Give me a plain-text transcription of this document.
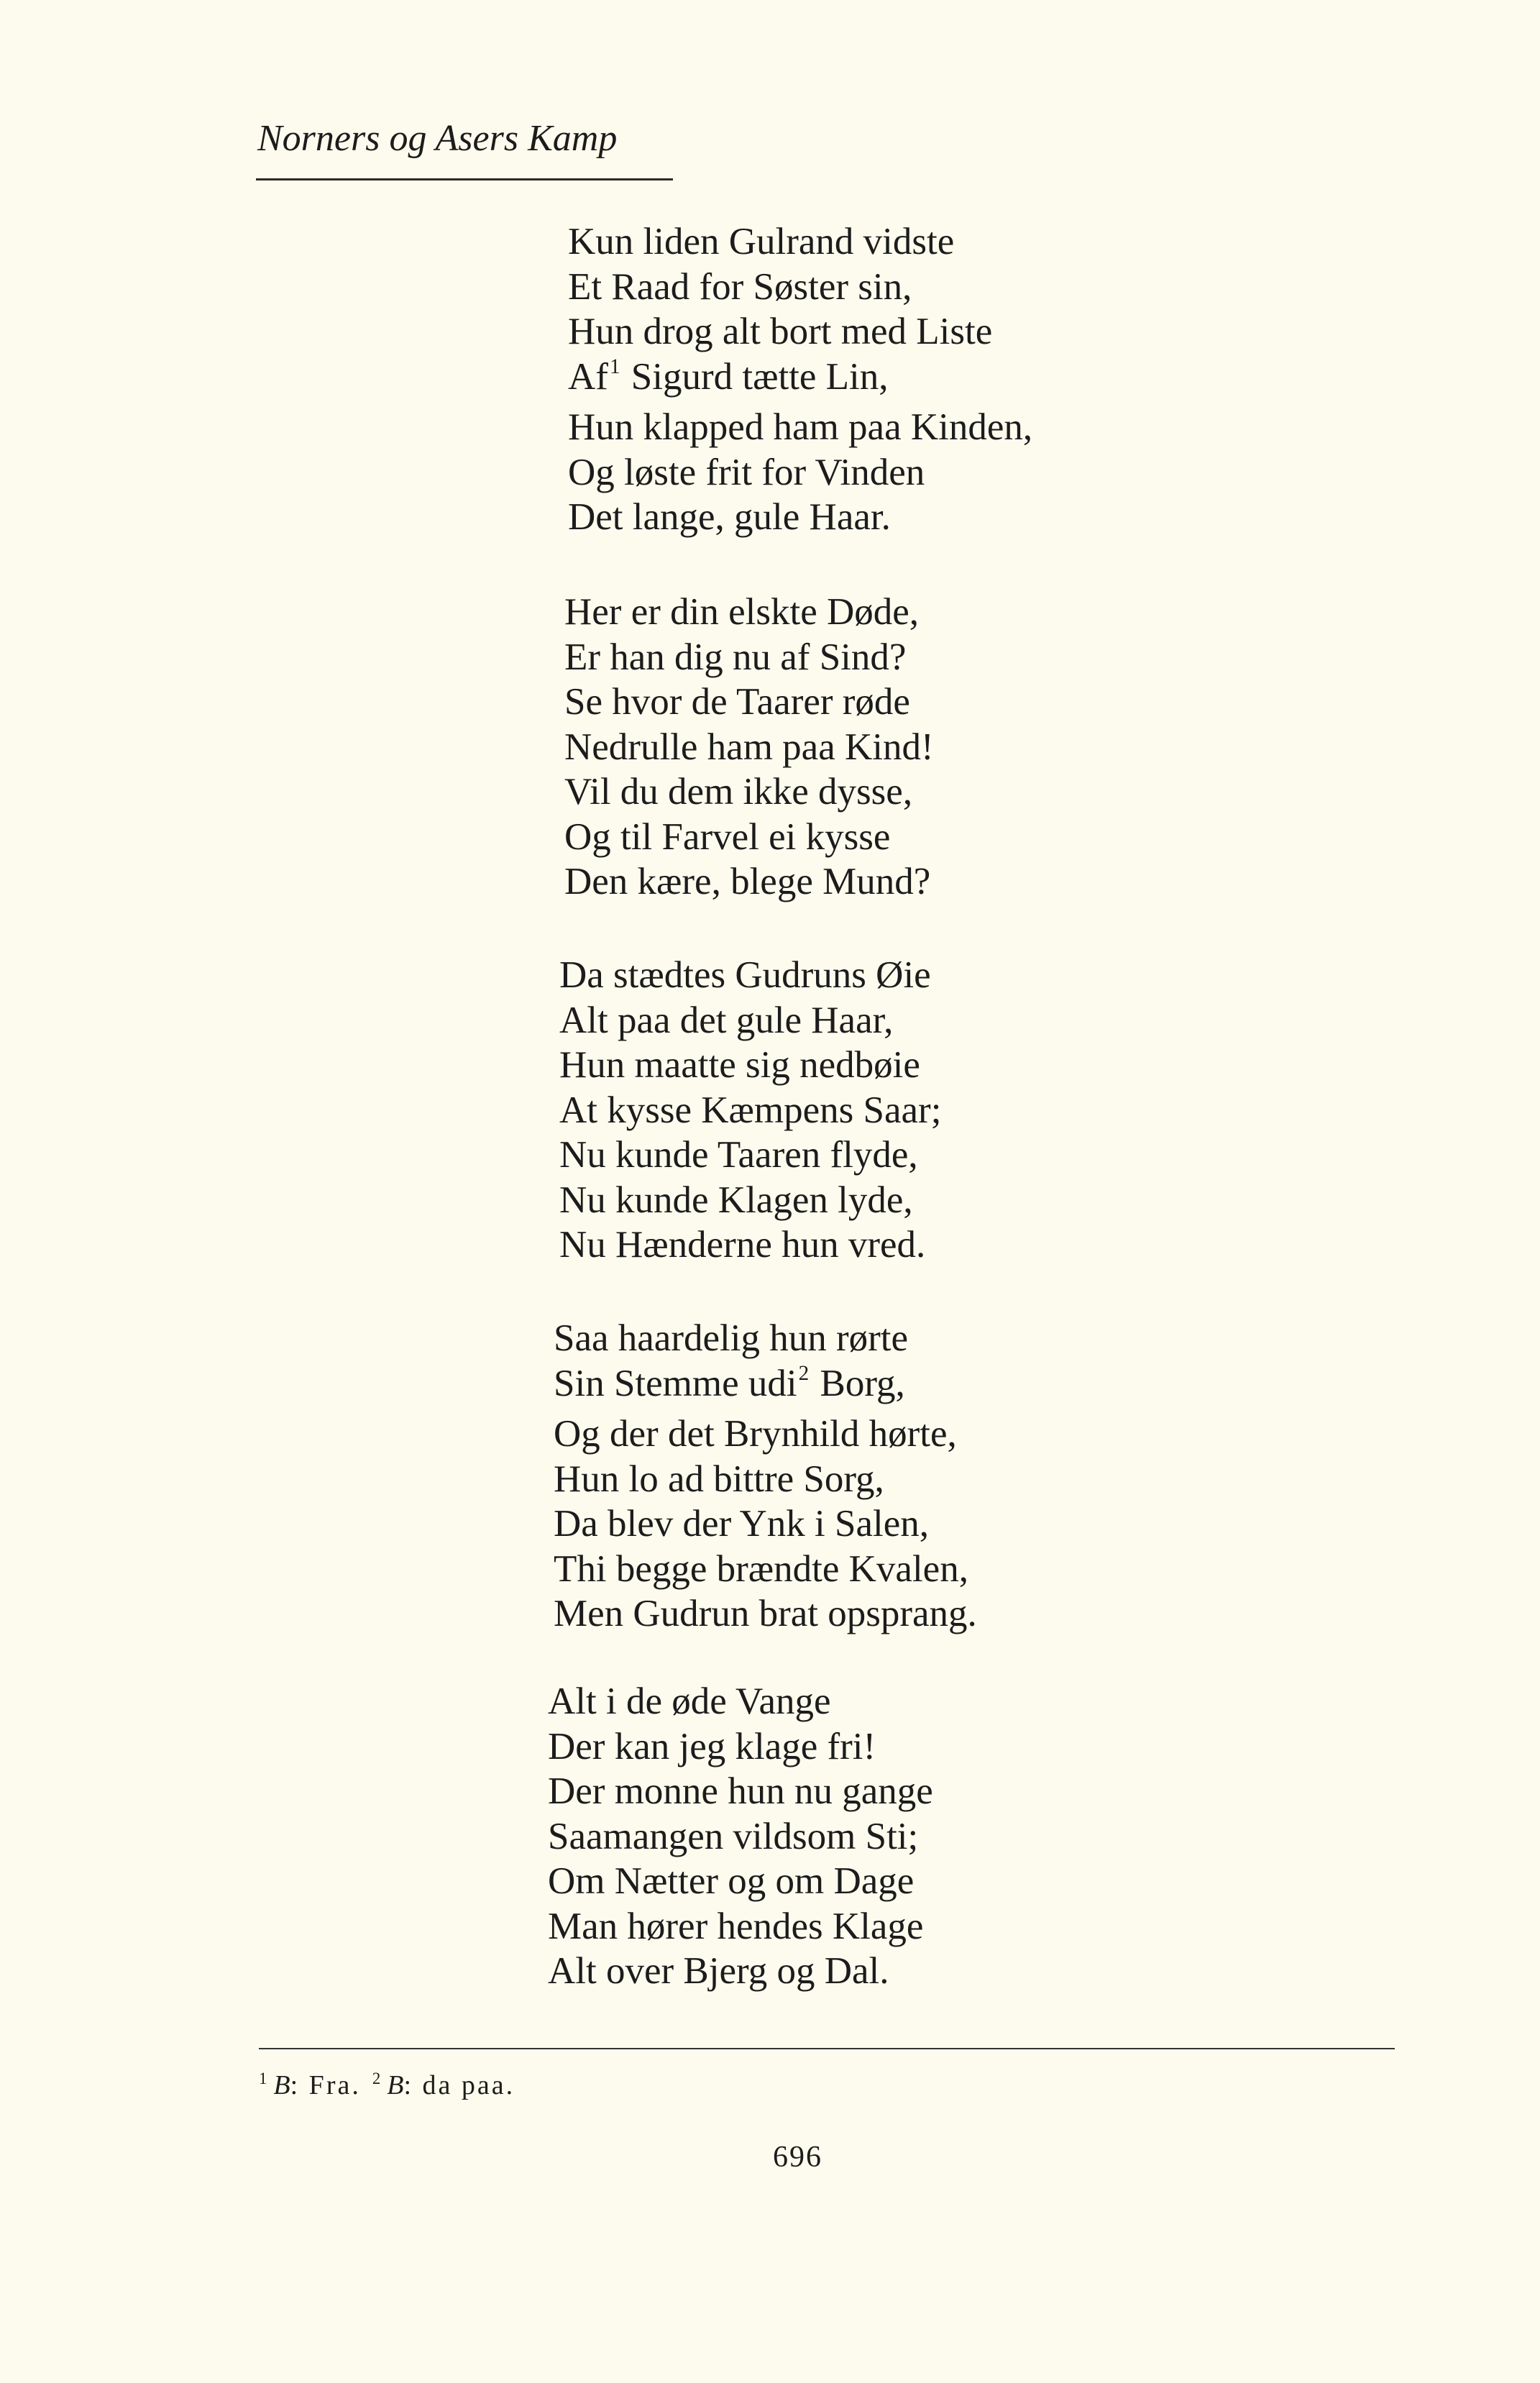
Norners og Asers Kamp
Kun liden Gulrand vidste
Et Raad for Søster sin,
Hun drog alt bort med Liste
Af$^1$ Sigurd tætte Lin,
Hun klapped ham paa Kinden,
Og løste frit for Vinden
Det lange, gule Haar.
Her er din elskte Døde,
Er han dig nu af Sind?
Se hvor de Taarer røde
Nedrulle ham paa Kind!
Vil du dem ikke dysse,
Og til Farvel ei kysse
Den kære, blege Mund?
Da stædtes Gudruns Øie
Alt paa det gule Haar,
Hun maatte sig nedbøie
At kysse Kæmpens Saar;
Nu kunde Taaren flyde,
Nu kunde Klagen lyde,
Nu Hænderne hun vred.
Saa haardelig hun rørte
Sin Stemme udi$^2$ Borg,
Og der det Brynhild hørte,
Hun lo ad bittre Sorg,
Da blev der Ynk i Salen,
Thi begge brændte Kvalen,
Men Gudrun brat opsprang.
Alt i de øde Vange
Der kan jeg klage fri!
Der monne hun nu gange
Saamangen vildsom Sti;
Om Nætter og om Dage
Man hører hendes Klage
Alt over Bjerg og Dal.
$^1$ B: Fra. $^2$ B: da paa.
696
